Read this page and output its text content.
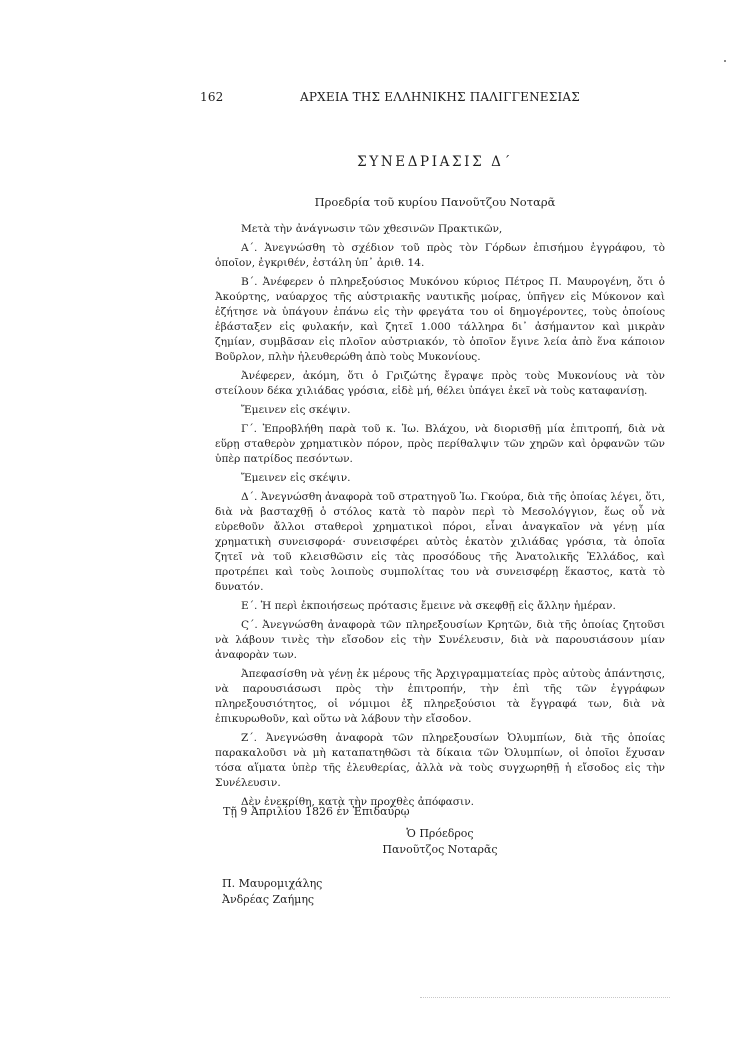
162	ΑΡΧΕΙΑ ΤΗΣ ΕΛΛΗΝΙΚΗΣ ΠΑΛΙΓΓΕΝΕΣΙΑΣ
ΣΥΝΕΔΡΙΑΣΙΣ Δ΄
Προεδρία τοῦ κυρίου Πανοῦτζου Νοταρᾶ

Μετὰ τὴν ἀνάγνωσιν τῶν χθεσινῶν Πρακτικῶν,

Α΄. Ἀνεγνώσθη τὸ σχέδιον τοῦ πρὸς τὸν Γόρδων ἐπισήμου ἐγγράφου, τὸ ὁποῖον, ἐγκριθέν, ἐστάλη ὑπ᾿ ἀριθ. 14.

Β΄. Ἀνέφερεν ὁ πληρεξούσιος Μυκόνου κύριος Πέτρος Π. Μαυρογένη, ὅτι ὁ Ἀκούρτης, ναύαρχος τῆς αὐστριακῆς ναυτικῆς μοίρας, ὑπῆγεν εἰς Μύκονον καὶ ἐζήτησε νὰ ὑπάγουν ἐπάνω εἰς τὴν φρεγάτα του οἱ δημογέροντες, τοὺς ὁποίους ἐβάσταξεν εἰς φυλακήν, καὶ ζητεῖ 1.000 τάλληρα δι᾿ ἀσήμαντον καὶ μικρὰν ζημίαν, συμβᾶσαν εἰς πλοῖον αὐστριακόν, τὸ ὁποῖον ἔγινε λεία ἀπὸ ἕνα κάποιον Βοῦρλον, πλὴν ἠλευθερώθη ἀπὸ τοὺς Μυκονίους.

Ἀνέφερεν, ἀκόμη, ὅτι ὁ Γριζώτης ἔγραψε πρὸς τοὺς Μυκονίους νὰ τὸν στείλουν δέκα χιλιάδας γρόσια, εἰδὲ μή, θέλει ὑπάγει ἐκεῖ νὰ τοὺς καταφανίσῃ.

Ἔμεινεν εἰς σκέψιν.

Γ΄. Ἐπροβλήθη παρὰ τοῦ κ. Ἰω. Βλάχου, νὰ διορισθῇ μία ἐπιτροπή, διὰ νὰ εὕρῃ σταθερὸν χρηματικὸν πόρον, πρὸς περίθαλψιν τῶν χηρῶν καὶ ὀρφανῶν τῶν ὑπὲρ πατρίδος πεσόντων.

Ἔμεινεν εἰς σκέψιν.

Δ΄. Ἀνεγνώσθη ἀναφορὰ τοῦ στρατηγοῦ Ἰω. Γκούρα, διὰ τῆς ὁποίας λέγει, ὅτι, διὰ νὰ βασταχθῇ ὁ στόλος κατὰ τὸ παρὸν περὶ τὸ Μεσολόγγιον, ἕως οὗ νὰ εὑρεθοῦν ἄλλοι σταθεροὶ χρηματικοὶ πόροι, εἶναι ἀναγκαῖον νὰ γένῃ μία χρηματικὴ συνεισφορά· συνεισφέρει αὐτὸς ἑκατὸν χιλιάδας γρόσια, τὰ ὁποῖα ζητεῖ νὰ τοῦ κλεισθῶσιν εἰς τὰς προσόδους τῆς Ἀνατολικῆς Ἑλλάδος, καὶ προτρέπει καὶ τοὺς λοιποὺς συμπολίτας του νὰ συνεισφέρῃ ἕκαστος, κατὰ τὸ δυνατόν.

Ε΄. Ἡ περὶ ἐκποιήσεως πρότασις ἔμεινε νὰ σκεφθῇ εἰς ἄλλην ἡμέραν.

Ϛ΄. Ἀνεγνώσθη ἀναφορὰ τῶν πληρεξουσίων Κρητῶν, διὰ τῆς ὁποίας ζητοῦσι νὰ λάβουν τινὲς τὴν εἴσοδον εἰς τὴν Συνέλευσιν, διὰ νὰ παρουσιάσουν μίαν ἀναφορὰν των.

Ἀπεφασίσθη νὰ γένῃ ἐκ μέρους τῆς Ἀρχιγραμματείας πρὸς αὐτοὺς ἀπάντησις, νὰ παρουσιάσωσι πρὸς τὴν ἐπιτροπήν, τὴν ἐπὶ τῆς τῶν ἐγγράφων πληρεξουσιότητος, οἱ νόμιμοι ἐξ πληρεξούσιοι τὰ ἔγγραφά των, διὰ νὰ ἐπικυρωθοῦν, καὶ οὕτω νὰ λάβουν τὴν εἴσοδον.

Ζ΄. Ἀνεγνώσθη ἀναφορὰ τῶν πληρεξουσίων Ὀλυμπίων, διὰ τῆς ὁποίας παρακαλοῦσι νὰ μὴ καταπατηθῶσι τὰ δίκαια τῶν Ὀλυμπίων, οἱ ὁποῖοι ἔχυσαν τόσα αἵματα ὑπὲρ τῆς ἐλευθερίας, ἀλλὰ νὰ τοὺς συγχωρηθῇ ἡ εἴσοδος εἰς τὴν Συνέλευσιν.

Δὲν ἐνεκρίθη, κατὰ τὴν προχθὲς ἀπόφασιν.

Τῇ 9 Ἀπριλίου 1826 ἐν Ἐπιδαύρῳ
Ὁ Πρόεδρος
Πανοῦτζος Νοταρᾶς
Π. Μαυρομιχάλης
Ἀνδρέας Ζαήμης
